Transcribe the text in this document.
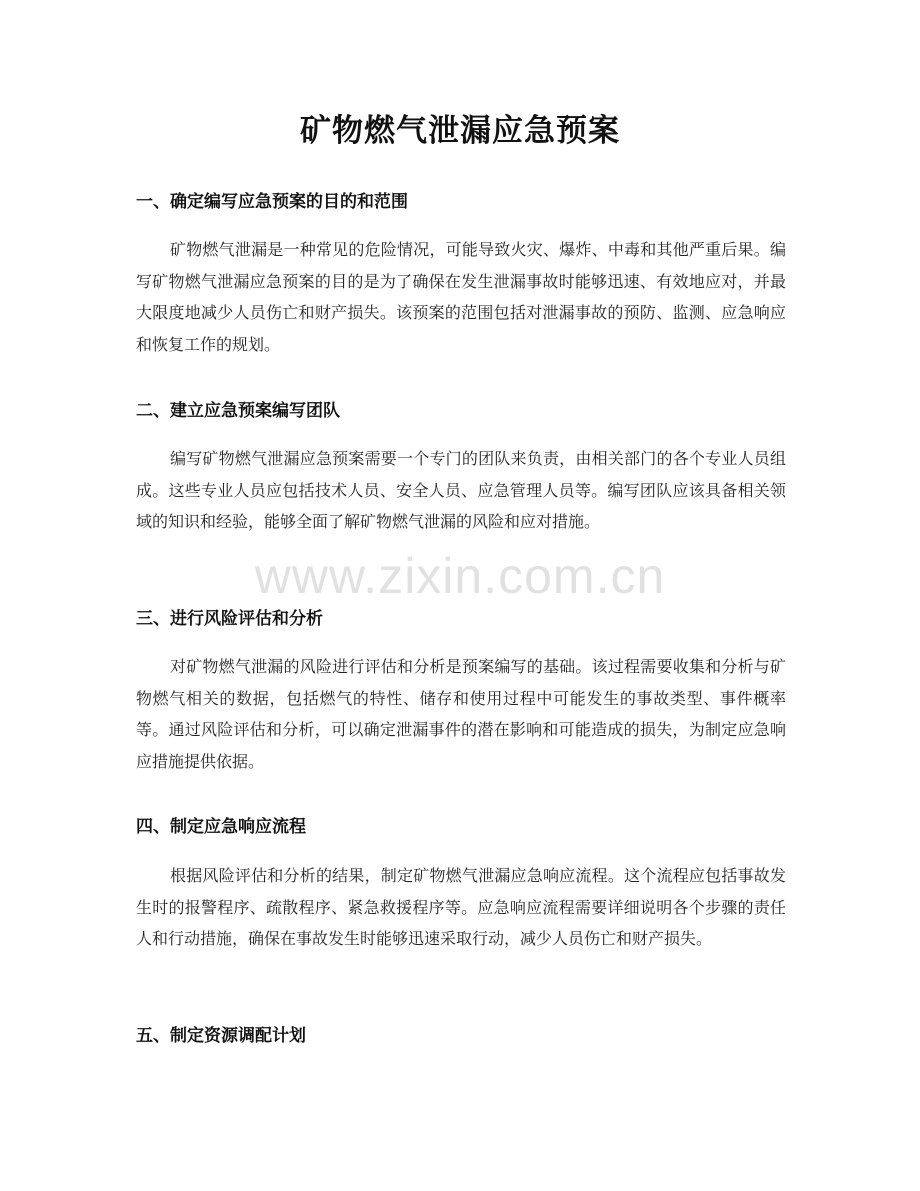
矿物燃气泄漏应急预案
一、确定编写应急预案的目的和范围
矿物燃气泄漏是一种常见的危险情况，可能导致火灾、爆炸、中毒和其他严重后果。编写矿物燃气泄漏应急预案的目的是为了确保在发生泄漏事故时能够迅速、有效地应对，并最大限度地减少人员伤亡和财产损失。该预案的范围包括对泄漏事故的预防、监测、应急响应和恢复工作的规划。
二、建立应急预案编写团队
编写矿物燃气泄漏应急预案需要一个专门的团队来负责，由相关部门的各个专业人员组成。这些专业人员应包括技术人员、安全人员、应急管理人员等。编写团队应该具备相关领域的知识和经验，能够全面了解矿物燃气泄漏的风险和应对措施。
三、进行风险评估和分析
对矿物燃气泄漏的风险进行评估和分析是预案编写的基础。该过程需要收集和分析与矿物燃气相关的数据，包括燃气的特性、储存和使用过程中可能发生的事故类型、事件概率等。通过风险评估和分析，可以确定泄漏事件的潜在影响和可能造成的损失，为制定应急响应措施提供依据。
四、制定应急响应流程
根据风险评估和分析的结果，制定矿物燃气泄漏应急响应流程。这个流程应包括事故发生时的报警程序、疏散程序、紧急救援程序等。应急响应流程需要详细说明各个步骤的责任人和行动措施，确保在事故发生时能够迅速采取行动，减少人员伤亡和财产损失。
五、制定资源调配计划
www.zixin.com.cn
